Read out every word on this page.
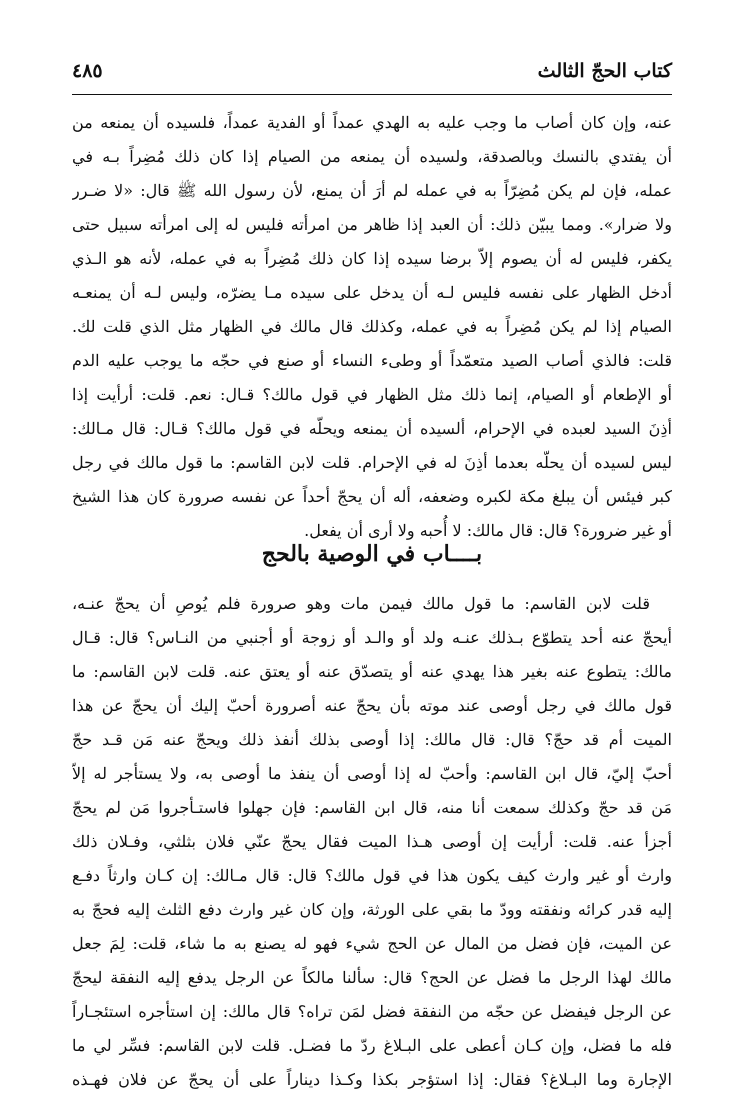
كتاب الحجّ الثالث
٤٨٥
عنه، وإن كان أصاب ما وجب عليه به الهدي عمداً أو الفدية عمداً، فلسيده أن يمنعه من
أن يفتدي بالنسك وبالصدقة، ولسيده أن يمنعه من الصيام إذا كان ذلك مُضِراً بـه في
عمله، فإن لم يكن مُضِرّاً به في عمله لم أرَ أن يمنع، لأن رسول الله ﷺ قال: «لا ضـرر
ولا ضرار». ومما يبيّن ذلك: أن العبد إذا ظاهر من امرأته فليس له إلى امرأته سبيل حتى
يكفر، فليس له أن يصوم إلاّ برضا سيده إذا كان ذلك مُضِراً به في عمله، لأنه هو الـذي
أدخل الظهار على نفسه فليس لـه أن يدخل على سيده مـا يضرّه، وليس لـه أن يمنعـه
الصيام إذا لم يكن مُضِراً به في عمله، وكذلك قال مالك في الظهار مثل الذي قلت لك.
قلت: فالذي أصاب الصيد متعمّداً أو وطىء النساء أو صنع في حجّه ما يوجب عليه الدم
أو الإطعام أو الصيام، إنما ذلك مثل الظهار في قول مالك؟ قـال: نعم. قلت: أرأيت إذا
أذِنَ السيد لعبده في الإحرام، ألسيده أن يمنعه ويحلّه في قول مالك؟ قـال: قال مـالك:
ليس لسيده أن يحلّه بعدما أذِنَ له في الإحرام. قلت لابن القاسم: ما قول مالك في رجل
كبر فيئس أن يبلغ مكة لكبره وضعفه، أله أن يحجّ أحداً عن نفسه صرورة كان هذا الشيخ
أو غير ضرورة؟ قال: قال مالك: لا أُحبه ولا أرى أن يفعل.
بــــاب في الوصية بالحج
قلت لابن القاسم: ما قول مالك فيمن مات وهو صرورة فلم يُوصِ أن يحجّ عنـه،
أيحجّ عنه أحد يتطوّع بـذلك عنـه ولد أو والـد أو زوجة أو أجنبي من النـاس؟ قال: قـال
مالك: يتطوع عنه بغير هذا يهدي عنه أو يتصدّق عنه أو يعتق عنه. قلت لابن القاسم: ما
قول مالك في رجل أوصى عند موته بأن يحجّ عنه أصرورة أحبّ إليك أن يحجّ عن هذا
الميت أم قد حجّ؟ قال: قال مالك: إذا أوصى بذلك أنفذ ذلك ويحجّ عنه مَن قـد حجّ
أحبّ إليّ، قال ابن القاسم: وأحبّ له إذا أوصى أن ينفذ ما أوصى به، ولا يستأجر له إلاّ
مَن قد حجّ وكذلك سمعت أنا منه، قال ابن القاسم: فإن جهلوا فاستـأجروا مَن لم يحجّ
أجزأ عنه. قلت: أرأيت إن أوصى هـذا الميت فقال يحجّ عنّي فلان بثلثي، وفـلان ذلك
وارث أو غير وارث كيف يكون هذا في قول مالك؟ قال: قال مـالك: إن كـان وارثاً دفـع
إليه قدر كرائه ونفقته وودّ ما بقي على الورثة، وإن كان غير وارث دفع الثلث إليه فحجّ به
عن الميت، فإن فضل من المال عن الحج شيء فهو له يصنع به ما شاء، قلت: لِمَ جعل
مالك لهذا الرجل ما فضل عن الحج؟ قال: سألنا مالكاً عن الرجل يدفع إليه النفقة ليحجّ
عن الرجل فيفضل عن حجّه من النفقة فضل لمَن تراه؟ قال مالك: إن استأجره استئجـاراً
فله ما فضل، وإن كـان أعطى على البـلاغ ردّ ما فضـل. قلت لابن القاسم: فسِّر لي ما
الإجارة وما البـلاغ؟ فقال: إذا استؤجر بكذا وكـذا ديناراً على أن يحجّ عن فلان فهـذه
